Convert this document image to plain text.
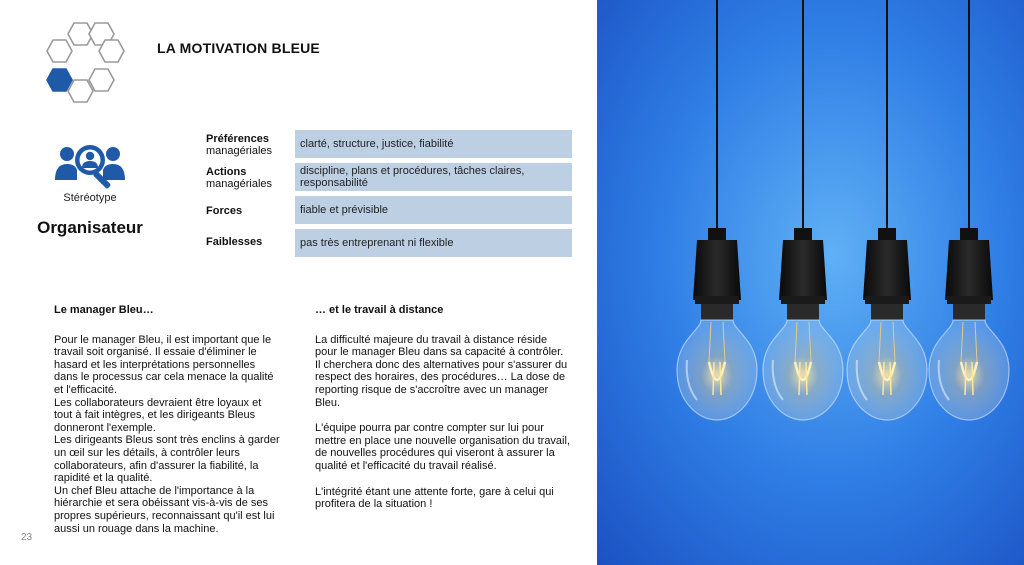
LA MOTIVATION BLEUE
Stéréotype
Organisateur
Préférences
managériales
clarté, structure, justice, fiabilité
Actions
managériales
discipline, plans et procédures, tâches claires, responsabilité
Forces	fiable et prévisible
Faiblesses	pas très entreprenant ni flexible
Le manager Bleu…

Pour le manager Bleu, il est important que le travail soit organisé. Il essaie d'éliminer le hasard et les interprétations personnelles dans le processus car cela menace la qualité et l'efficacité.
Les collaborateurs devraient être loyaux et tout à fait intègres, et les dirigeants Bleus donneront l'exemple.
Les dirigeants Bleus sont très enclins à garder un œil sur les détails, à contrôler leurs collaborateurs, afin d'assurer la fiabilité, la rapidité et la qualité.
Un chef Bleu attache de l'importance à la hiérarchie et sera obéissant vis-à-vis de ses propres supérieurs, reconnaissant qu'il est lui aussi un rouage dans la machine.

… et le travail à distance

La difficulté majeure du travail à distance réside pour le manager Bleu dans sa capacité à contrôler. Il cherchera donc des alternatives pour s'assurer du respect des horaires, des procédures… La dose de reporting risque de s'accroître avec un manager Bleu.

L'équipe pourra par contre compter sur lui pour mettre en place une nouvelle organisation du travail, de nouvelles procédures qui viseront à assurer la qualité et l'efficacité du travail réalisé.

L'intégrité étant une attente forte, gare à celui qui profitera de la situation !

23
